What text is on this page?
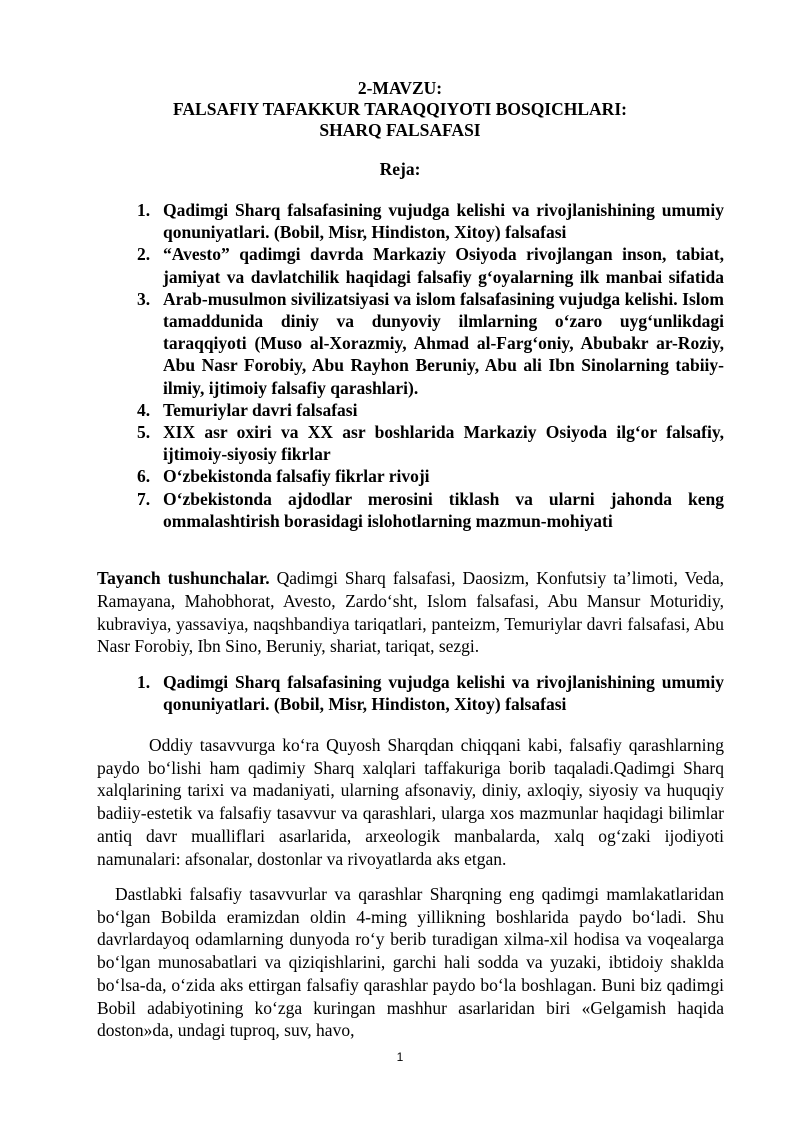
2-MAVZU:
FALSAFIY TAFAKKUR TARAQQIYOTI BOSQICHLARI:
SHARQ FALSAFASI
Reja:
1. Qadimgi Sharq falsafasining vujudga kelishi va rivojlanishining umumiy qonuniyatlari. (Bobil, Misr, Hindiston, Xitoy) falsafasi
2. “Avesto” qadimgi davrda Markaziy Osiyoda rivojlangan inson, tabiat, jamiyat va davlatchilik haqidagi falsafiy g‘oyalarning ilk manbai sifatida
3. Arab-musulmon sivilizatsiyasi va islom falsafasining vujudga kelishi. Islom tamaddunida diniy va dunyoviy ilmlarning o‘zaro uyg‘unlikdagi taraqqiyoti (Muso al-Xorazmiy, Ahmad al-Farg‘oniy, Abubakr ar-Roziy, Abu Nasr Forobiy, Abu Rayhon Beruniy, Abu ali Ibn Sinolarning tabiiy-ilmiy, ijtimoiy falsafiy qarashlari).
4. Temuriylar davri falsafasi
5. XIX asr oxiri va XX asr boshlarida Markaziy Osiyoda ilg‘or falsafiy, ijtimoiy-siyosiy fikrlar
6. O‘zbekistonda falsafiy fikrlar rivoji
7. O‘zbekistonda ajdodlar merosini tiklash va ularni jahonda keng ommalashtirish borasidagi islohotlarning mazmun-mohiyati

Tayanch tushunchalar. Qadimgi Sharq falsafasi, Daosizm, Konfutsiy ta’limoti, Veda, Ramayana, Mahobhorat, Avesto, Zardo‘sht, Islom falsafasi, Abu Mansur Moturidiy, kubraviya, yassaviya, naqshbandiya tariqatlari, panteizm, Temuriylar davri falsafasi, Abu Nasr Forobiy, Ibn Sino, Beruniy, shariat, tariqat, sezgi.

1. Qadimgi Sharq falsafasining vujudga kelishi va rivojlanishining umumiy qonuniyatlari. (Bobil, Misr, Hindiston, Xitoy) falsafasi

Oddiy tasavvurga ko‘ra Quyosh Sharqdan chiqqani kabi, falsafiy qarashlarning paydo bo‘lishi ham qadimiy Sharq xalqlari taffakuriga borib taqaladi.Qadimgi Sharq xalqlarining tarixi va madaniyati, ularning afsonaviy, diniy, axloqiy, siyosiy va huquqiy badiiy-estetik va falsafiy tasavvur va qarashlari, ularga xos mazmunlar haqidagi bilimlar antiq davr mualliflari asarlarida, arxeologik manbalarda, xalq og‘zaki ijodiyoti namunalari: afsonalar, dostonlar va rivoyatlarda aks etgan.

Dastlabki falsafiy tasavvurlar va qarashlar Sharqning eng qadimgi mamlakatlaridan bo‘lgan Bobilda eramizdan oldin 4-ming yillikning boshlarida paydo bo‘ladi. Shu davrlardayoq odamlarning dunyoda ro‘y berib turadigan xilma-xil hodisa va voqealarga bo‘lgan munosabatlari va qiziqishlarini, garchi hali sodda va yuzaki, ibtidoiy shaklda bo‘lsa-da, o‘zida aks ettirgan falsafiy qarashlar paydo bo‘la boshlagan. Buni biz qadimgi Bobil adabiyotining ko‘zga kuringan mashhur asarlaridan biri «Gelgamish haqida doston»da, undagi tuproq, suv, havo,

1
